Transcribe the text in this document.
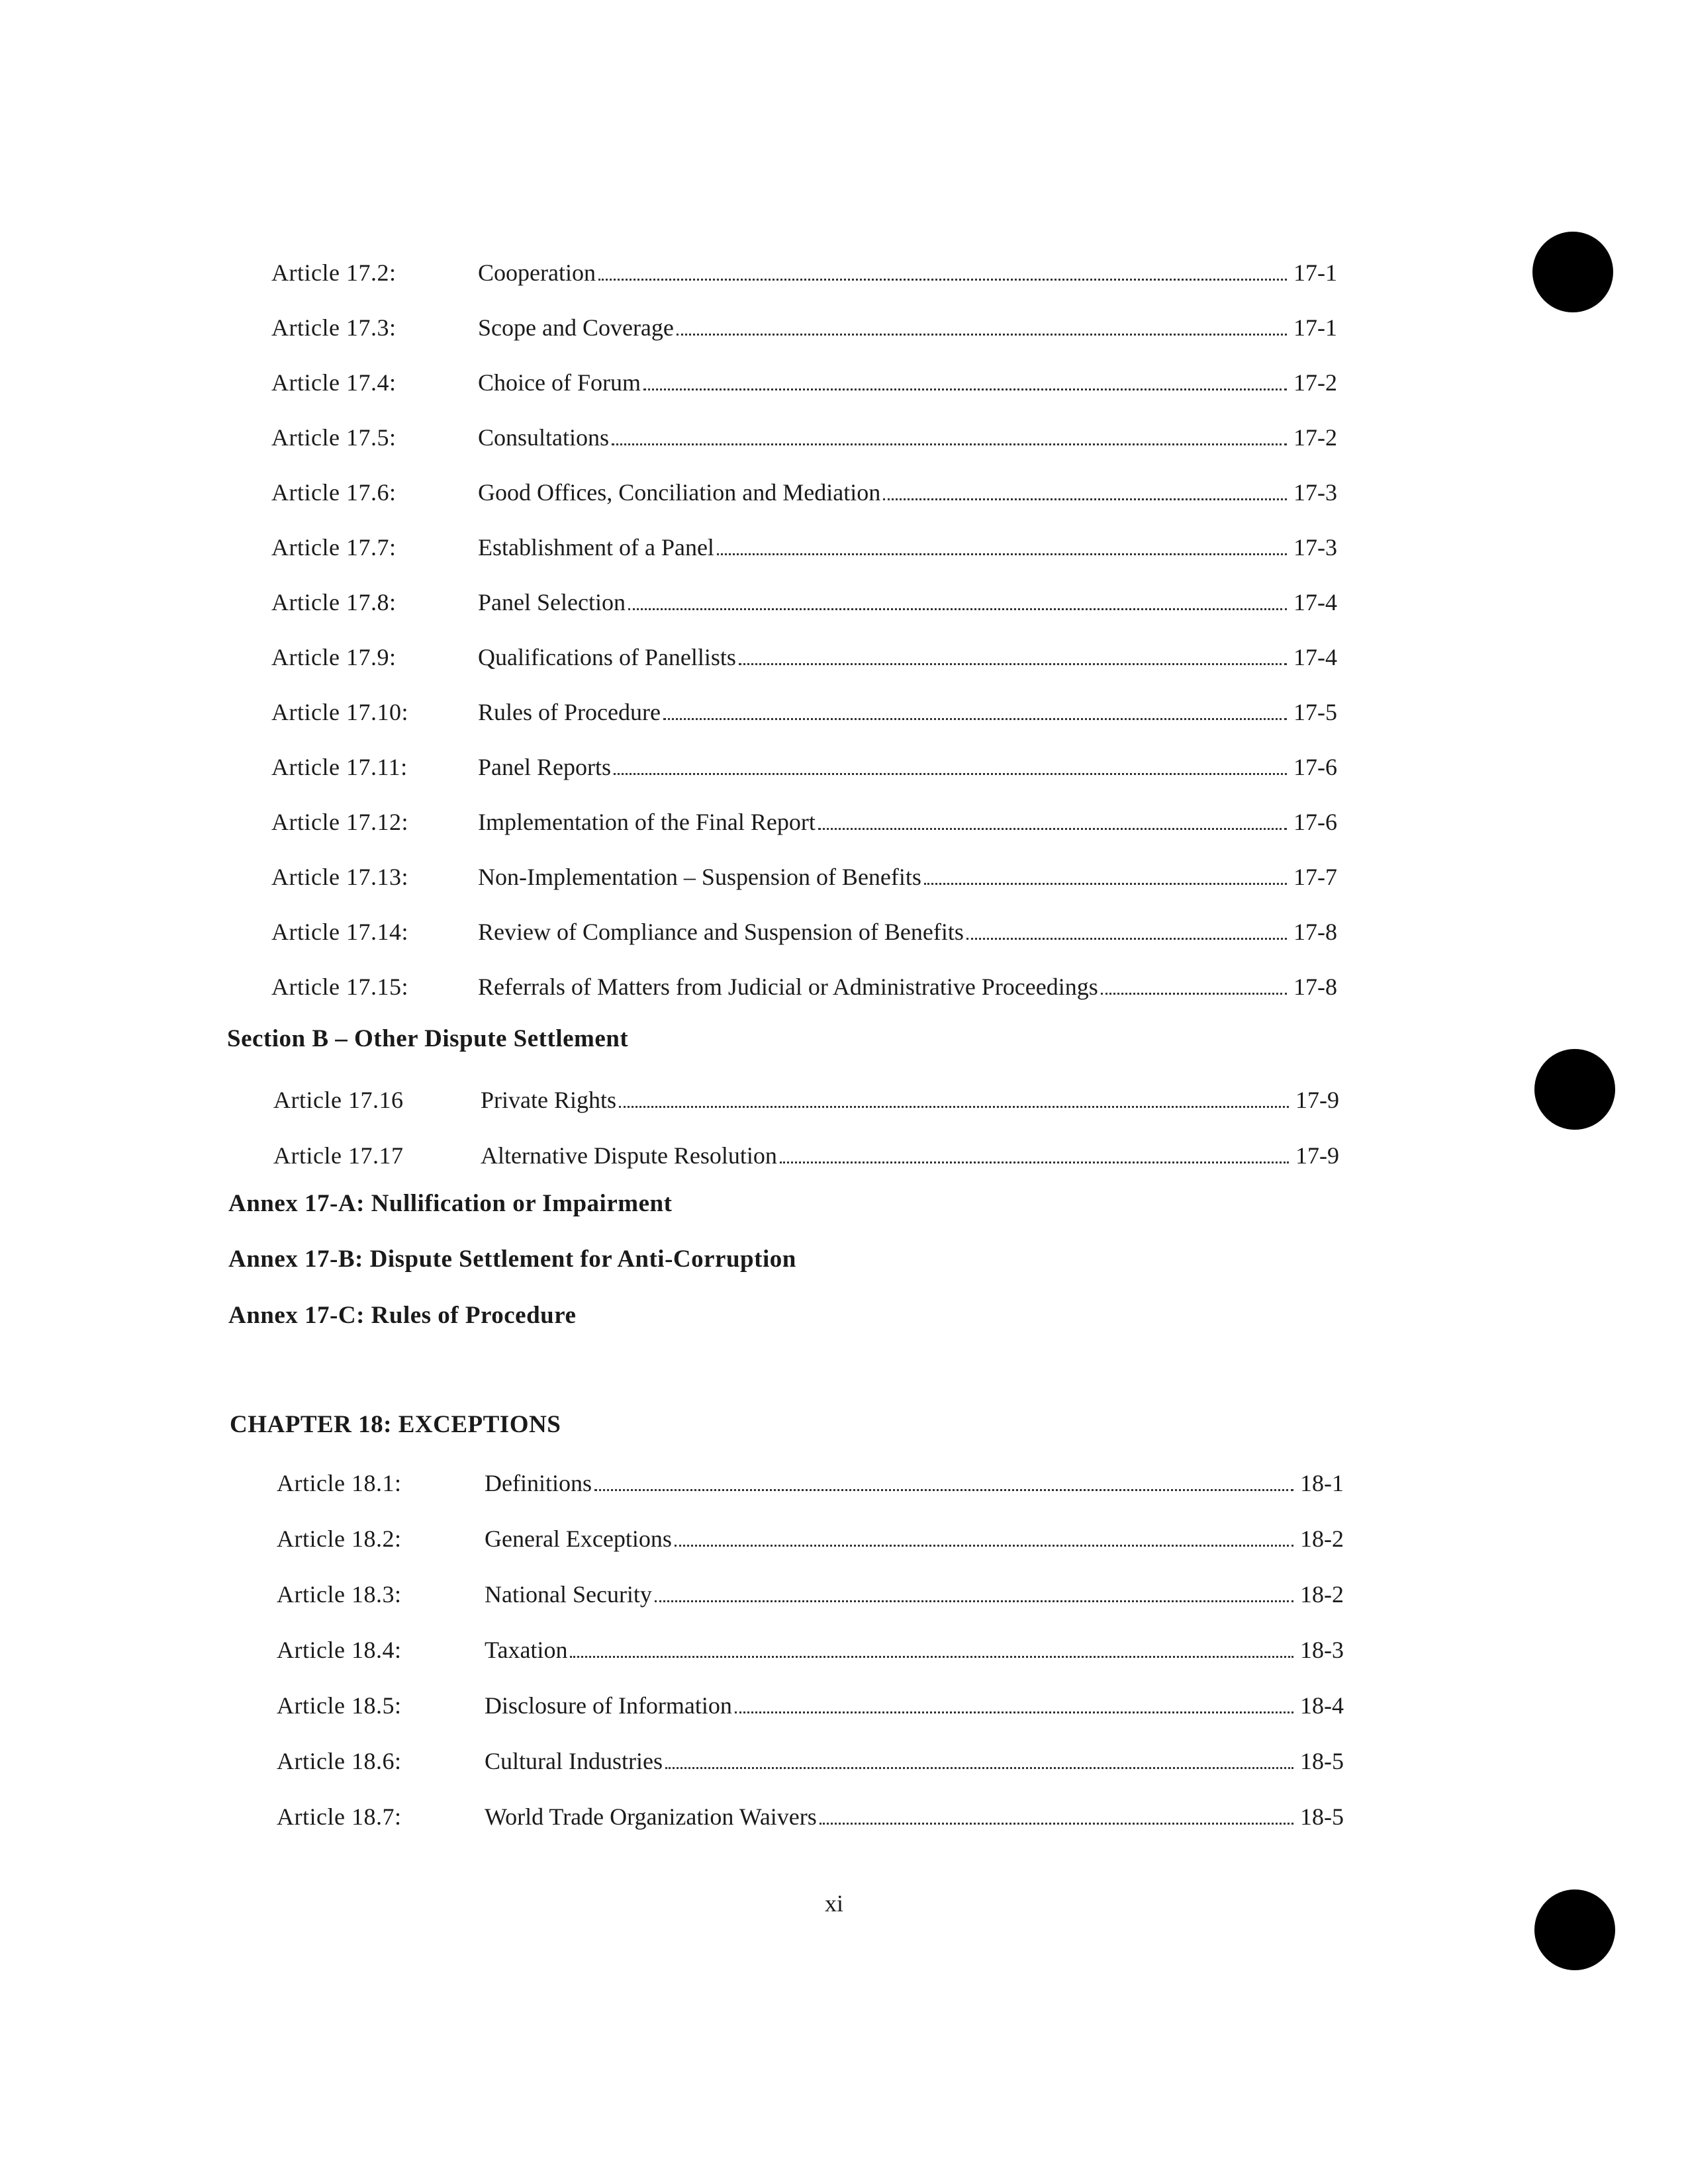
Article 17.2:	Cooperation	17-1
Article 17.3:	Scope and Coverage	17-1
Article 17.4:	Choice of Forum	17-2
Article 17.5:	Consultations	17-2
Article 17.6:	Good Offices, Conciliation and Mediation	17-3
Article 17.7:	Establishment of a Panel	17-3
Article 17.8:	Panel Selection	17-4
Article 17.9:	Qualifications of Panellists	17-4
Article 17.10:	Rules of Procedure	17-5
Article 17.11:	Panel Reports	17-6
Article 17.12:	Implementation of the Final Report	17-6
Article 17.13:	Non-Implementation – Suspension of Benefits	17-7
Article 17.14:	Review of Compliance and Suspension of Benefits	17-8
Article 17.15:	Referrals of Matters from Judicial or Administrative Proceedings	17-8
Section B – Other Dispute Settlement
Article 17.16	Private Rights	17-9
Article 17.17	Alternative Dispute Resolution	17-9
Annex 17-A: Nullification or Impairment
Annex 17-B: Dispute Settlement for Anti-Corruption
Annex 17-C: Rules of Procedure
CHAPTER 18: EXCEPTIONS
Article 18.1:	Definitions	18-1
Article 18.2:	General Exceptions	18-2
Article 18.3:	National Security	18-2
Article 18.4:	Taxation	18-3
Article 18.5:	Disclosure of Information	18-4
Article 18.6:	Cultural Industries	18-5
Article 18.7:	World Trade Organization Waivers	18-5
xi
